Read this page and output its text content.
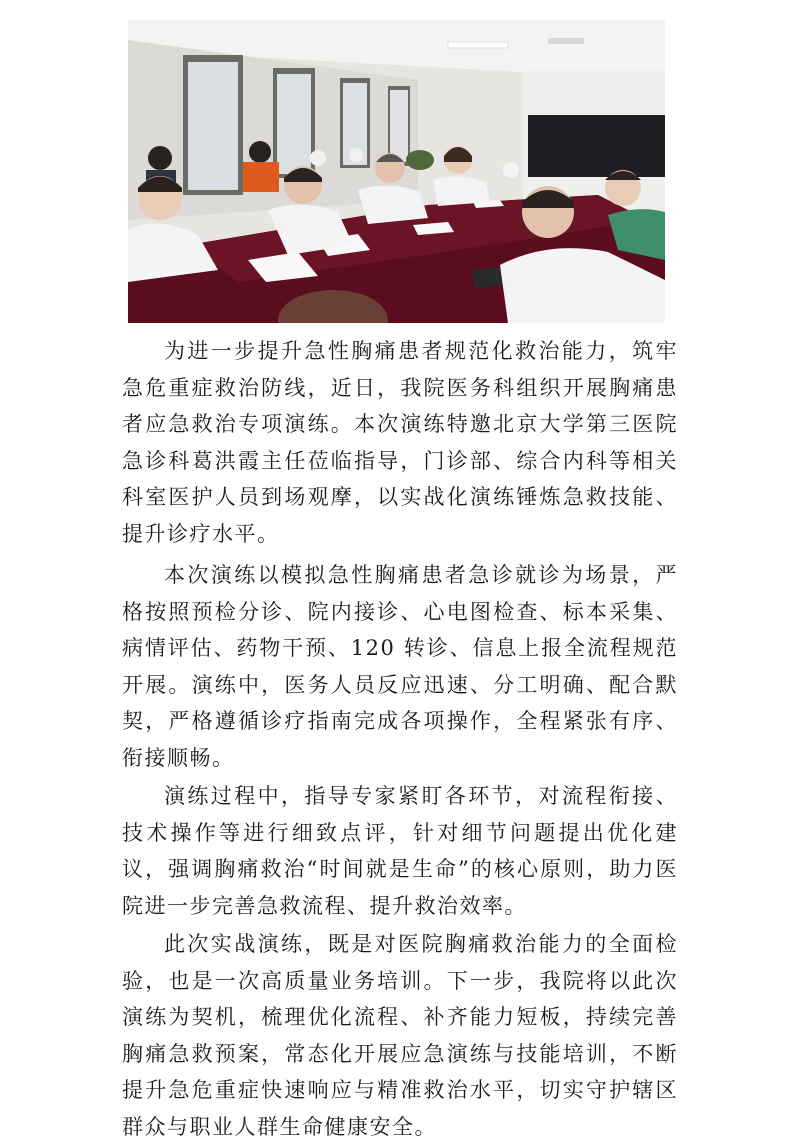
为进一步提升急性胸痛患者规范化救治能力，筑牢急危重症救治防线，近日，我院医务科组织开展胸痛患者应急救治专项演练。本次演练特邀北京大学第三医院急诊科葛洪霞主任莅临指导，门诊部、综合内科等相关科室医护人员到场观摩，以实战化演练锤炼急救技能、提升诊疗水平。

本次演练以模拟急性胸痛患者急诊就诊为场景，严格按照预检分诊、院内接诊、心电图检查、标本采集、病情评估、药物干预、120 转诊、信息上报全流程规范开展。演练中，医务人员反应迅速、分工明确、配合默契，严格遵循诊疗指南完成各项操作，全程紧张有序、衔接顺畅。

演练过程中，指导专家紧盯各环节，对流程衔接、技术操作等进行细致点评，针对细节问题提出优化建议，强调胸痛救治“时间就是生命”的核心原则，助力医院进一步完善急救流程、提升救治效率。

此次实战演练，既是对医院胸痛救治能力的全面检验，也是一次高质量业务培训。下一步，我院将以此次演练为契机，梳理优化流程、补齐能力短板，持续完善胸痛急救预案，常态化开展应急演练与技能培训，不断提升急危重症快速响应与精准救治水平，切实守护辖区群众与职业人群生命健康安全。
